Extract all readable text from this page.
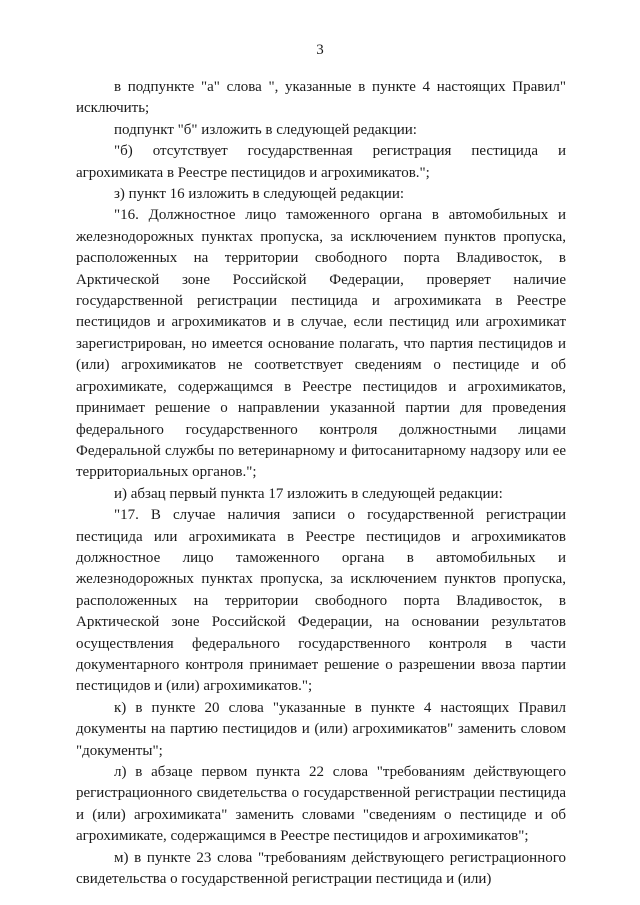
3

в подпункте "а" слова ", указанные в пункте 4 настоящих Правил" исключить;

подпункт "б" изложить в следующей редакции:

"б) отсутствует государственная регистрация пестицида и агрохимиката в Реестре пестицидов и агрохимикатов.";

з) пункт 16 изложить в следующей редакции:

"16. Должностное лицо таможенного органа в автомобильных и железнодорожных пунктах пропуска, за исключением пунктов пропуска, расположенных на территории свободного порта Владивосток, в Арктической зоне Российской Федерации, проверяет наличие государственной регистрации пестицида и агрохимиката в Реестре пестицидов и агрохимикатов и в случае, если пестицид или агрохимикат зарегистрирован, но имеется основание полагать, что партия пестицидов и (или) агрохимикатов не соответствует сведениям о пестициде и об агрохимикате, содержащимся в Реестре пестицидов и агрохимикатов, принимает решение о направлении указанной партии для проведения федерального государственного контроля должностными лицами Федеральной службы по ветеринарному и фитосанитарному надзору или ее территориальных органов.";

и) абзац первый пункта 17 изложить в следующей редакции:

"17. В случае наличия записи о государственной регистрации пестицида или агрохимиката в Реестре пестицидов и агрохимикатов должностное лицо таможенного органа в автомобильных и железнодорожных пунктах пропуска, за исключением пунктов пропуска, расположенных на территории свободного порта Владивосток, в Арктической зоне Российской Федерации, на основании результатов осуществления федерального государственного контроля в части документарного контроля принимает решение о разрешении ввоза партии пестицидов и (или) агрохимикатов.";

к) в пункте 20 слова "указанные в пункте 4 настоящих Правил документы на партию пестицидов и (или) агрохимикатов" заменить словом "документы";

л) в абзаце первом пункта 22 слова "требованиям действующего регистрационного свидетельства о государственной регистрации пестицида и (или) агрохимиката" заменить словами "сведениям о пестициде и об агрохимикате, содержащимся в Реестре пестицидов и агрохимикатов";

м) в пункте 23 слова "требованиям действующего регистрационного свидетельства о государственной регистрации пестицида и (или)
